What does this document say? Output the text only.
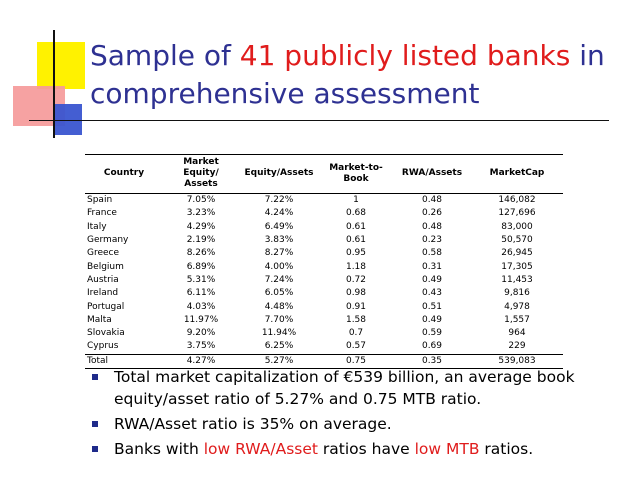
Sample of 41 publicly listed banks in comprehensive assessment
Country	Market Equity/ Assets	Equity/Assets	Market-to- Book	RWA/Assets	MarketCap
Spain	7.05%	7.22%	1	0.48	146,082
France	3.23%	4.24%	0.68	0.26	127,696
Italy	4.29%	6.49%	0.61	0.48	83,000
Germany	2.19%	3.83%	0.61	0.23	50,570
Greece	8.26%	8.27%	0.95	0.58	26,945
Belgium	6.89%	4.00%	1.18	0.31	17,305
Austria	5.31%	7.24%	0.72	0.49	11,453
Ireland	6.11%	6.05%	0.98	0.43	9,816
Portugal	4.03%	4.48%	0.91	0.51	4,978
Malta	11.97%	7.70%	1.58	0.49	1,557
Slovakia	9.20%	11.94%	0.7	0.59	964
Cyprus	3.75%	6.25%	0.57	0.69	229
Total	4.27%	5.27%	0.75	0.35	539,083
Total market capitalization of €539 billion, an average book equity/asset ratio of 5.27% and 0.75 MTB ratio.
RWA/Asset ratio is 35% on average.
Banks with low RWA/Asset ratios have low MTB ratios.
